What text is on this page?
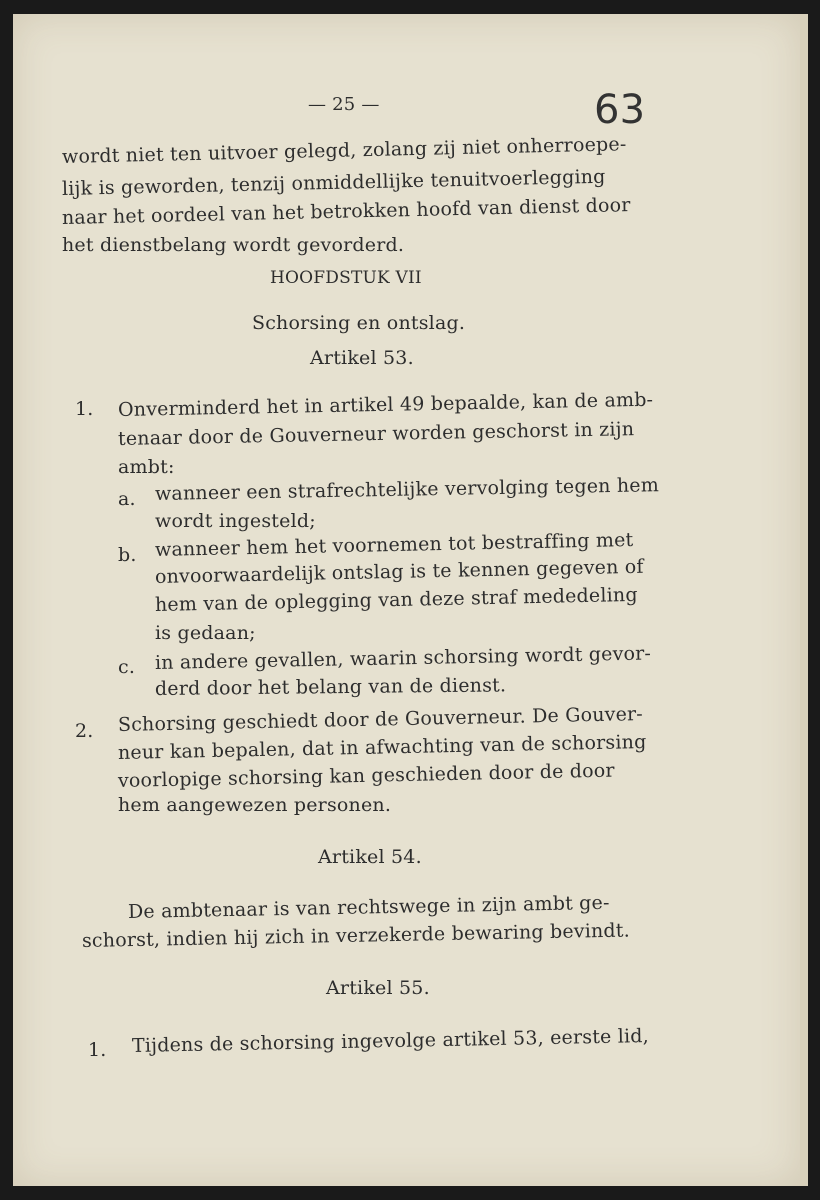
— 25 —	63
wordt niet ten uitvoer gelegd, zolang zij niet onherroepe-
lijk is geworden, tenzij onmiddellijke tenuitvoerlegging
naar het oordeel van het betrokken hoofd van dienst door
het dienstbelang wordt gevorderd.
HOOFDSTUK VII
Schorsing en ontslag.
Artikel 53.
1. Onverminderd het in artikel 49 bepaalde, kan de amb-
tenaar door de Gouverneur worden geschorst in zijn
ambt:
a. wanneer een strafrechtelijke vervolging tegen hem
wordt ingesteld;
b. wanneer hem het voornemen tot bestraffing met
onvoorwaardelijk ontslag is te kennen gegeven of
hem van de oplegging van deze straf mededeling
is gedaan;
c. in andere gevallen, waarin schorsing wordt gevor-
derd door het belang van de dienst.
2. Schorsing geschiedt door de Gouverneur. De Gouver-
neur kan bepalen, dat in afwachting van de schorsing
voorlopige schorsing kan geschieden door de door
hem aangewezen personen.
Artikel 54.
De ambtenaar is van rechtswege in zijn ambt ge-
schorst, indien hij zich in verzekerde bewaring bevindt.
Artikel 55.
1. Tijdens de schorsing ingevolge artikel 53, eerste lid,
